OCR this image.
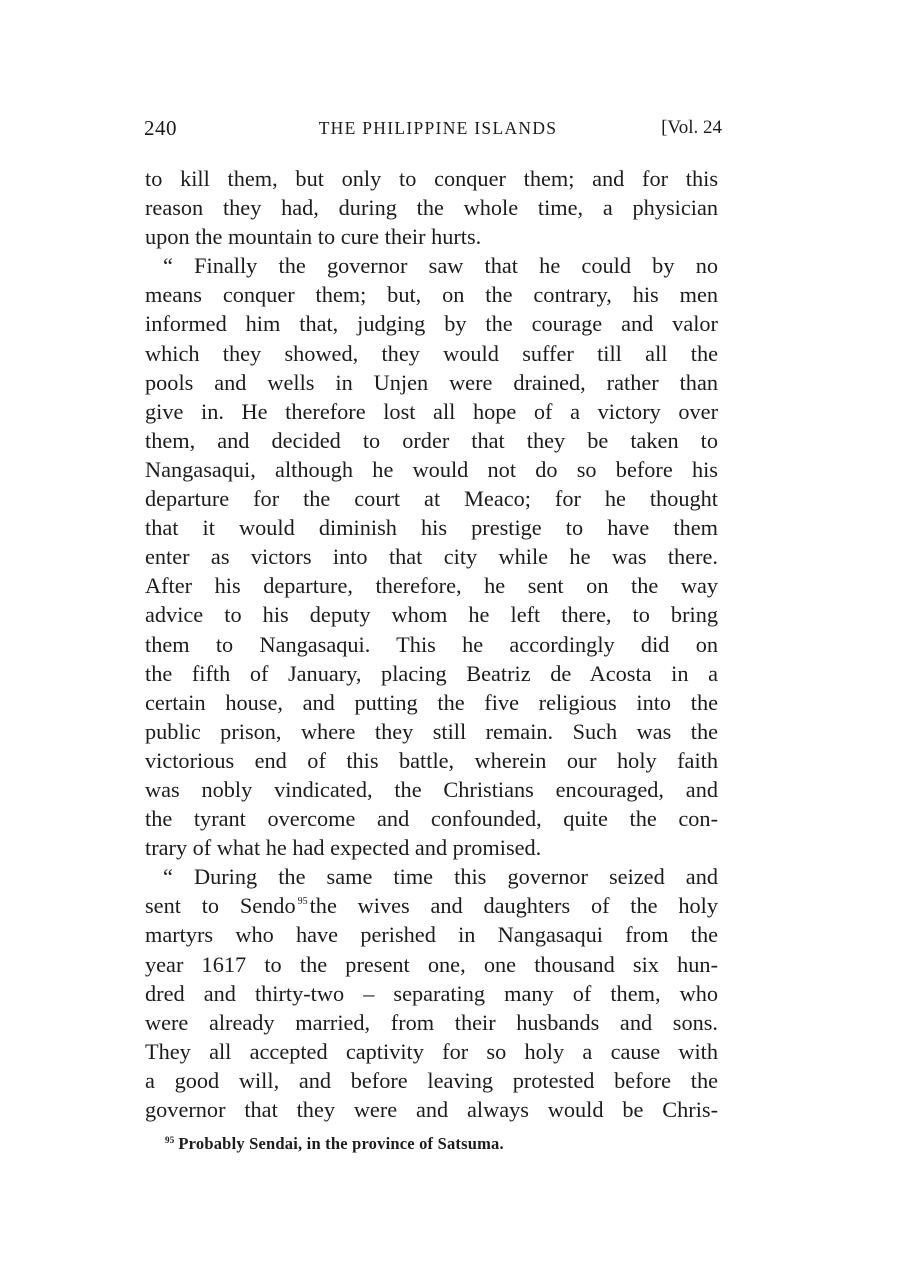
240	THE PHILIPPINE ISLANDS	[Vol. 24
to kill them, but only to conquer them; and for this
reason they had, during the whole time, a physician
upon the mountain to cure their hurts.
“ Finally the governor saw that he could by no
means conquer them; but, on the contrary, his men
informed him that, judging by the courage and valor
which they showed, they would suffer till all the
pools and wells in Unjen were drained, rather than
give in. He therefore lost all hope of a victory over
them, and decided to order that they be taken to
Nangasaqui, although he would not do so before his
departure for the court at Meaco; for he thought
that it would diminish his prestige to have them
enter as victors into that city while he was there.
After his departure, therefore, he sent on the way
advice to his deputy whom he left there, to bring
them to Nangasaqui. This he accordingly did on
the fifth of January, placing Beatriz de Acosta in a
certain house, and putting the five religious into the
public prison, where they still remain. Such was the
victorious end of this battle, wherein our holy faith
was nobly vindicated, the Christians encouraged, and
the tyrant overcome and confounded, quite the con-
trary of what he had expected and promised.
“ During the same time this governor seized and
sent to Sendo $^{95}$the wives and daughters of the holy
martyrs who have perished in Nangasaqui from the
year 1617 to the present one, one thousand six hun-
dred and thirty-two – separating many of them, who
were already married, from their husbands and sons.
They all accepted captivity for so holy a cause with
a good will, and before leaving protested before the
governor that they were and always would be Chris-
$^{95}$ Probably Sendai, in the province of Satsuma.
